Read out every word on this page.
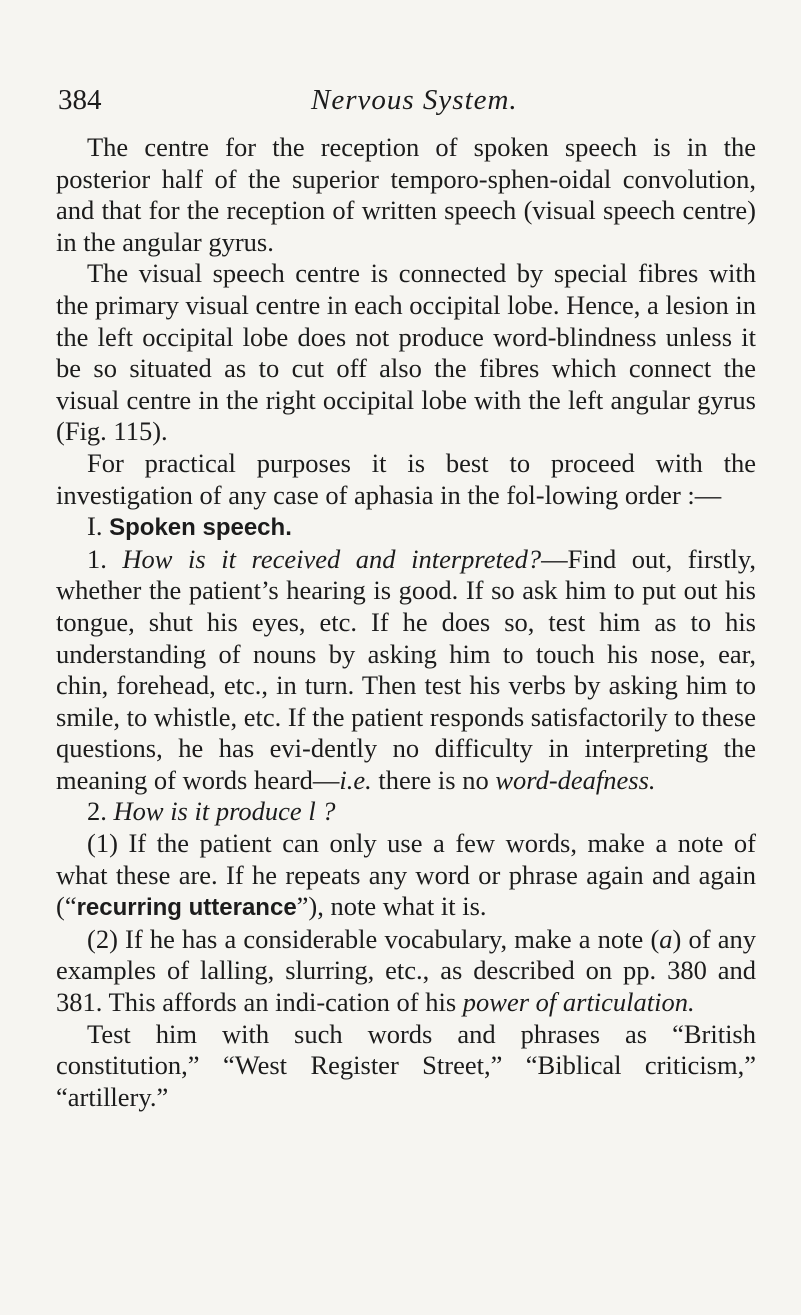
384	Nervous System.

The centre for the reception of spoken speech is in the posterior half of the superior temporo-sphen-oidal convolution, and that for the reception of written speech (visual speech centre) in the angular gyrus.

The visual speech centre is connected by special fibres with the primary visual centre in each occipital lobe. Hence, a lesion in the left occipital lobe does not produce word-blindness unless it be so situated as to cut off also the fibres which connect the visual centre in the right occipital lobe with the left angular gyrus (Fig. 115).

For practical purposes it is best to proceed with the investigation of any case of aphasia in the fol-lowing order :—

I. Spoken speech.

1. How is it received and interpreted?—Find out, firstly, whether the patient’s hearing is good. If so ask him to put out his tongue, shut his eyes, etc. If he does so, test him as to his understanding of nouns by asking him to touch his nose, ear, chin, forehead, etc., in turn. Then test his verbs by asking him to smile, to whistle, etc. If the patient responds satisfactorily to these questions, he has evi-dently no difficulty in interpreting the meaning of words heard—i.e. there is no word-deafness.

2. How is it produce l ?

(1) If the patient can only use a few words, make a note of what these are. If he repeats any word or phrase again and again (“recurring utterance”), note what it is.

(2) If he has a considerable vocabulary, make a note (a) of any examples of lalling, slurring, etc., as described on pp. 380 and 381. This affords an indi-cation of his power of articulation.

Test him with such words and phrases as “British constitution,” “West Register Street,” “Biblical criticism,” “artillery.”
